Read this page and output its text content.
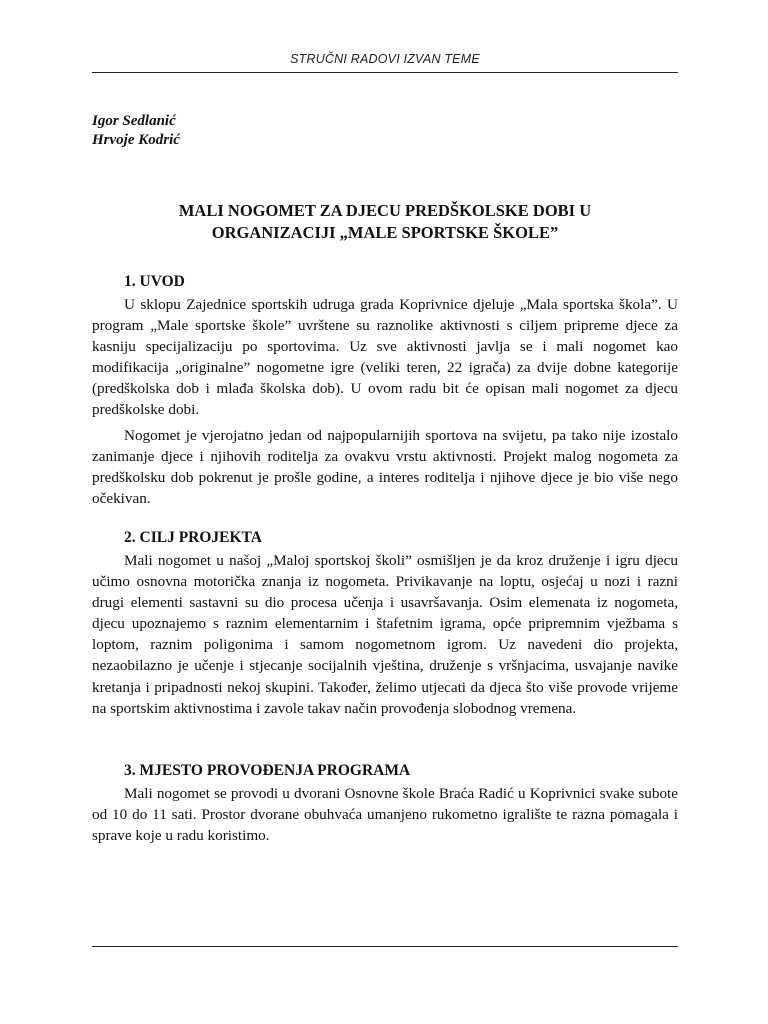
STRUČNI RADOVI IZVAN TEME
Igor Sedlanić
Hrvoje Kodrić
MALI NOGOMET ZA DJECU PREDŠKOLSKE DOBI U
ORGANIZACIJI „MALE SPORTSKE ŠKOLE”
1. UVOD

U sklopu Zajednice sportskih udruga grada Koprivnice djeluje „Mala sportska škola”. U program „Male sportske škole” uvrštene su raznolike aktivnosti s ciljem pripreme djece za kasniju specijalizaciju po sportovima. Uz sve aktivnosti javlja se i mali nogomet kao modifikacija „originalne” nogometne igre (veliki teren, 22 igrača) za dvije dobne kategorije (predškolska dob i mlađa školska dob). U ovom radu bit će opisan mali nogomet za djecu predškolske dobi.

Nogomet je vjerojatno jedan od najpopularnijih sportova na svijetu, pa tako nije izostalo zanimanje djece i njihovih roditelja za ovakvu vrstu aktivnosti. Projekt malog nogometa za predškolsku dob pokrenut je prošle godine, a interes roditelja i njihove djece je bio više nego očekivan.

2. CILJ PROJEKTA

Mali nogomet u našoj „Maloj sportskoj školi” osmišljen je da kroz druženje i igru djecu učimo osnovna motorička znanja iz nogometa. Privikavanje na loptu, osjećaj u nozi i razni drugi elementi sastavni su dio procesa učenja i usavršavanja. Osim elemenata iz nogometa, djecu upoznajemo s raznim elementarnim i štafetnim igrama, opće pripremnim vježbama s loptom, raznim poligonima i samom nogometnom igrom. Uz navedeni dio projekta, nezaobilazno je učenje i stjecanje socijalnih vještina, druženje s vršnjacima, usvajanje navike kretanja i pripadnosti nekoj skupini. Također, želimo utjecati da djeca što više provode vrijeme na sportskim aktivnostima i zavole takav način provođenja slobodnog vremena.

3. MJESTO PROVOĐENJA PROGRAMA

Mali nogomet se provodi u dvorani Osnovne škole Braća Radić u Koprivnici svake subote od 10 do 11 sati. Prostor dvorane obuhvaća umanjeno rukometno igralište te razna pomagala i sprave koje u radu koristimo.
